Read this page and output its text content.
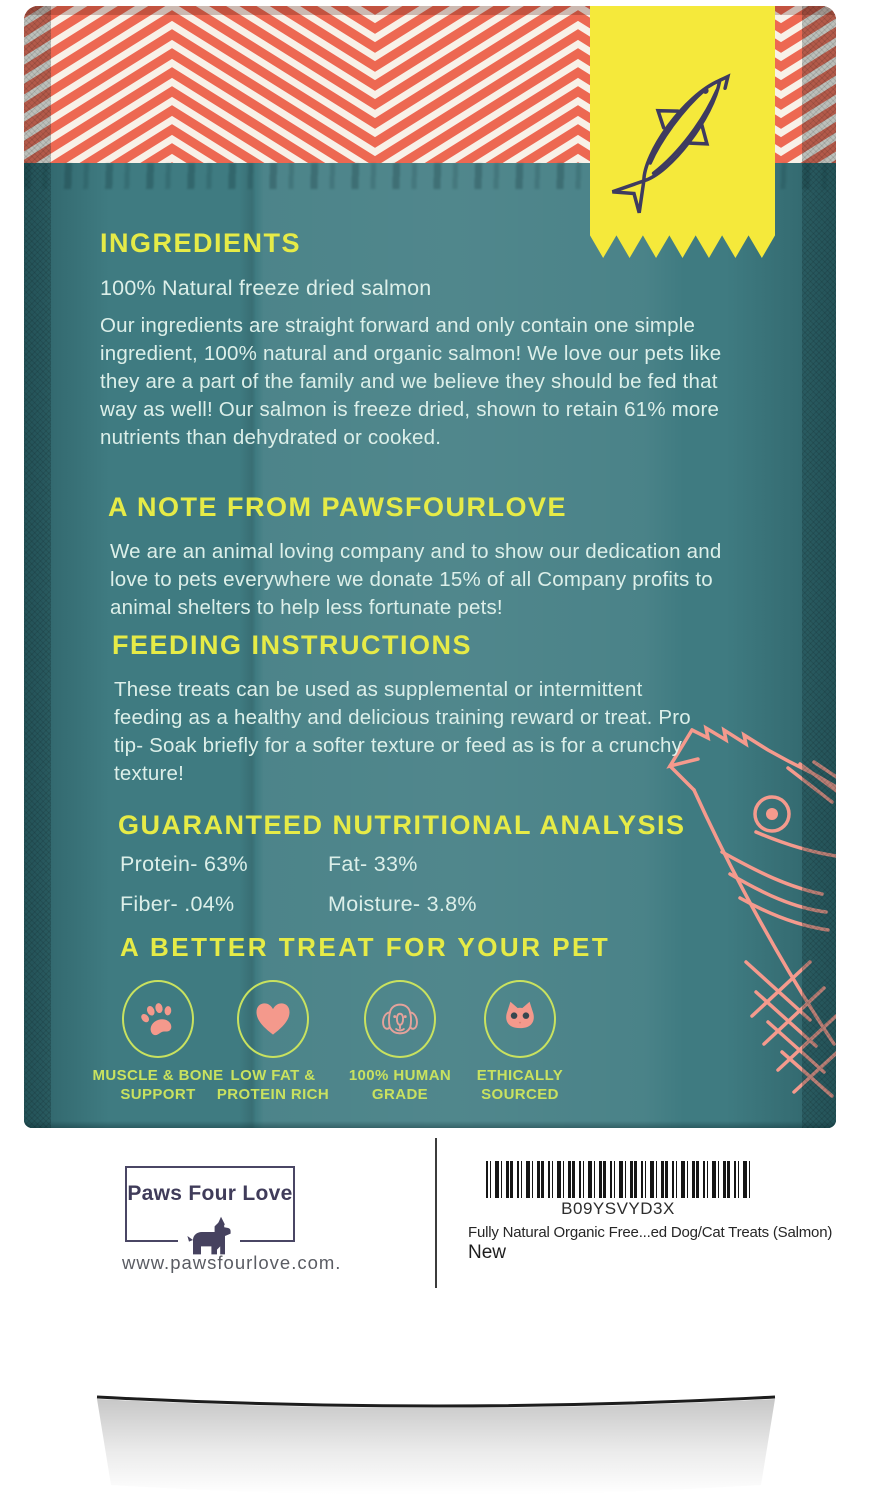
INGREDIENTS
100% Natural freeze dried salmon
Our ingredients are straight forward and only contain one simple ingredient, 100% natural and organic salmon! We love our pets like they are a part of the family and we believe they should be fed that way as well! Our salmon is freeze dried, shown to retain 61% more nutrients than dehydrated or cooked.
A NOTE FROM PAWSFOURLOVE
We are an animal loving company and to show our dedication and love to pets everywhere we donate 15% of all Company profits to animal shelters to help less fortunate pets!
FEEDING INSTRUCTIONS
These treats can be used as supplemental or intermittent feeding as a healthy and delicious training reward or treat. Pro tip- Soak briefly for a softer texture or feed as is for a crunchy texture!
GUARANTEED NUTRITIONAL ANALYSIS
Protein- 63%	Fat- 33%
Fiber- .04%	Moisture- 3.8%
A BETTER TREAT FOR YOUR PET
MUSCLE & BONE
SUPPORT
LOW FAT &
PROTEIN RICH
100% HUMAN
GRADE
ETHICALLY
SOURCED
Paws Four Love
www.pawsfourlove.com.
B09YSVYD3X
Fully Natural Organic Free...ed Dog/Cat Treats (Salmon)
New
